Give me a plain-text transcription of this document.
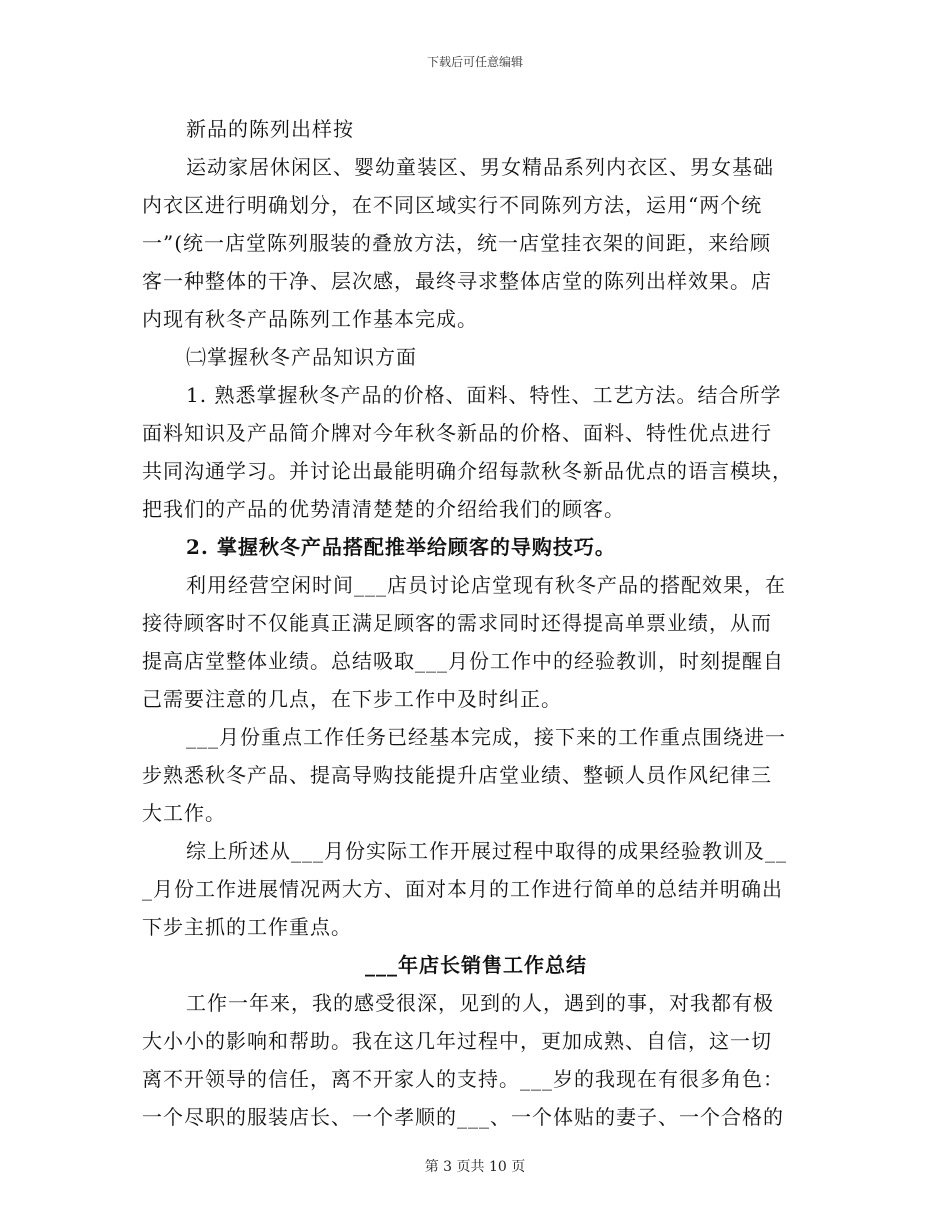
下载后可任意编辑
新品的陈列出样按
运动家居休闲区、婴幼童装区、男女精品系列内衣区、男女基础
内衣区进行明确划分，在不同区域实行不同陈列方法，运用“两个统
一”(统一店堂陈列服装的叠放方法，统一店堂挂衣架的间距，来给顾
客一种整体的干净、层次感，最终寻求整体店堂的陈列出样效果。店
内现有秋冬产品陈列工作基本完成。
㈡掌握秋冬产品知识方面
1. 熟悉掌握秋冬产品的价格、面料、特性、工艺方法。结合所学
面料知识及产品简介牌对今年秋冬新品的价格、面料、特性优点进行
共同沟通学习。并讨论出最能明确介绍每款秋冬新品优点的语言模块，
把我们的产品的优势清清楚楚的介绍给我们的顾客。
2. 掌握秋冬产品搭配推举给顾客的导购技巧。
利用经营空闲时间___店员讨论店堂现有秋冬产品的搭配效果，在
接待顾客时不仅能真正满足顾客的需求同时还得提高单票业绩，从而
提高店堂整体业绩。总结吸取___月份工作中的经验教训，时刻提醒自
己需要注意的几点，在下步工作中及时纠正。
___月份重点工作任务已经基本完成，接下来的工作重点围绕进一
步熟悉秋冬产品、提高导购技能提升店堂业绩、整顿人员作风纪律三
大工作。
综上所述从___月份实际工作开展过程中取得的成果经验教训及__
_月份工作进展情况两大方、面对本月的工作进行简单的总结并明确出
下步主抓的工作重点。
___年店长销售工作总结
工作一年来，我的感受很深，见到的人，遇到的事，对我都有极
大小小的影响和帮助。我在这几年过程中，更加成熟、自信，这一切
离不开领导的信任，离不开家人的支持。___岁的我现在有很多角色：
一个尽职的服装店长、一个孝顺的___、一个体贴的妻子、一个合格的
第 3 页共 10 页
